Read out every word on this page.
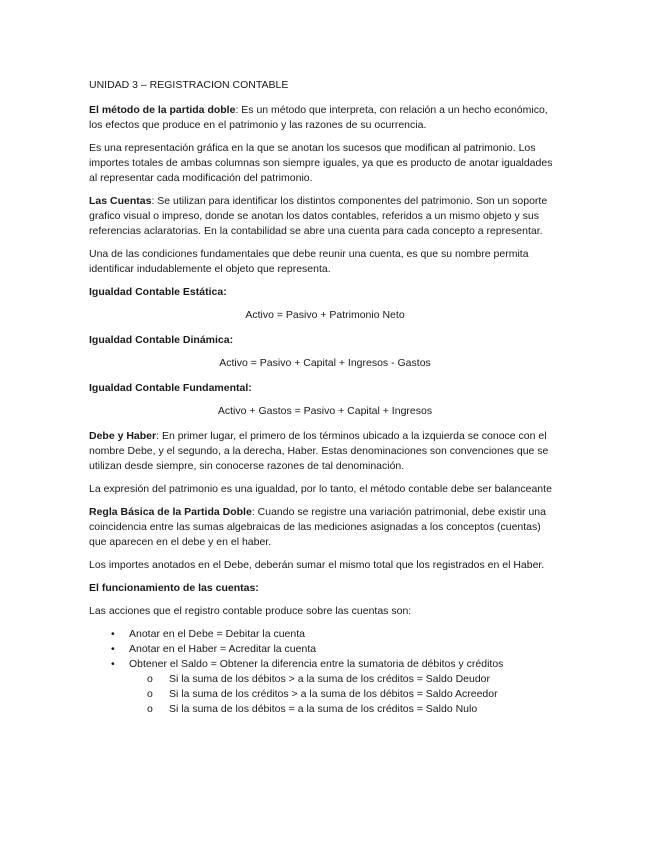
UNIDAD 3 – REGISTRACION CONTABLE

El método de la partida doble: Es un método que interpreta, con relación a un hecho económico, los efectos que produce en el patrimonio y las razones de su ocurrencia.

Es una representación gráfica en la que se anotan los sucesos que modifican al patrimonio. Los importes totales de ambas columnas son siempre iguales, ya que es producto de anotar igualdades al representar cada modificación del patrimonio.

Las Cuentas: Se utilizan para identificar los distintos componentes del patrimonio. Son un soporte grafico visual o impreso, donde se anotan los datos contables, referidos a un mismo objeto y sus referencias aclaratorias. En la contabilidad se abre una cuenta para cada concepto a representar.

Una de las condiciones fundamentales que debe reunir una cuenta, es que su nombre permita identificar indudablemente el objeto que representa.

Igualdad Contable Estática:

Activo = Pasivo + Patrimonio Neto

Igualdad Contable Dinámica:

Activo = Pasivo + Capital + Ingresos - Gastos

Igualdad Contable Fundamental:

Activo + Gastos = Pasivo + Capital + Ingresos

Debe y Haber: En primer lugar, el primero de los términos ubicado a la izquierda se conoce con el nombre Debe, y el segundo, a la derecha, Haber. Estas denominaciones son convenciones que se utilizan desde siempre, sin conocerse razones de tal denominación.

La expresión del patrimonio es una igualdad, por lo tanto, el método contable debe ser balanceante

Regla Básica de la Partida Doble: Cuando se registre una variación patrimonial, debe existir una coincidencia entre las sumas algebraicas de las mediciones asignadas a los conceptos (cuentas) que aparecen en el debe y en el haber.

Los importes anotados en el Debe, deberán sumar el mismo total que los registrados en el Haber.

El funcionamiento de las cuentas:

Las acciones que el registro contable produce sobre las cuentas son:

• Anotar en el Debe = Debitar la cuenta
• Anotar en el Haber = Acreditar la cuenta
• Obtener el Saldo = Obtener la diferencia entre la sumatoria de débitos y créditos
o Si la suma de los débitos > a la suma de los créditos = Saldo Deudor
o Si la suma de los créditos > a la suma de los débitos = Saldo Acreedor
o Si la suma de los débitos = a la suma de los créditos = Saldo Nulo
